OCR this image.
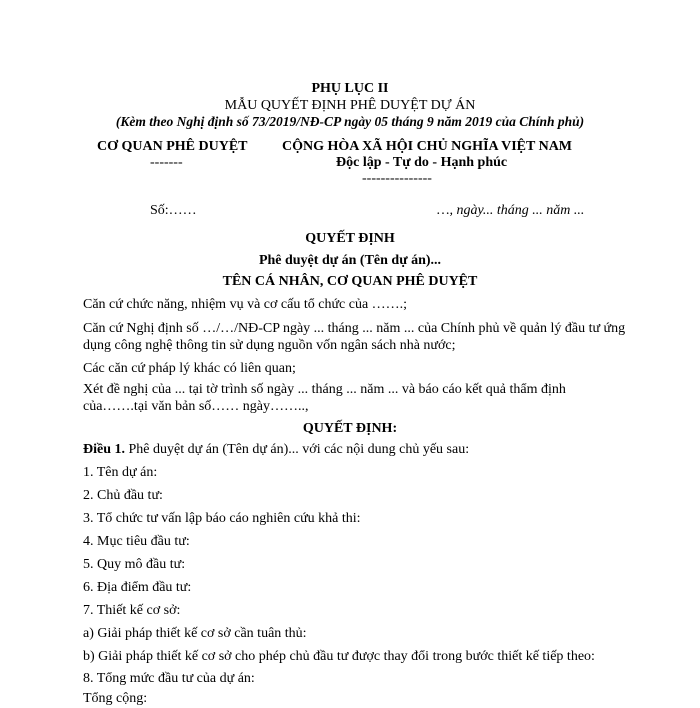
PHỤ LỤC II
MẪU QUYẾT ĐỊNH PHÊ DUYỆT DỰ ÁN
(Kèm theo Nghị định số 73/2019/NĐ-CP ngày 05 tháng 9 năm 2019 của Chính phủ)
CƠ QUAN PHÊ DUYỆT
-------
CỘNG HÒA XÃ HỘI CHỦ NGHĨA VIỆT NAM
Độc lập - Tự do - Hạnh phúc
---------------
Số:……	…, ngày... tháng ... năm ...
QUYẾT ĐỊNH
Phê duyệt dự án (Tên dự án)...
TÊN CÁ NHÂN, CƠ QUAN PHÊ DUYỆT
Căn cứ chức năng, nhiệm vụ và cơ cấu tổ chức của …….;
Căn cứ Nghị định số …/…/NĐ-CP ngày ... tháng ... năm ... của Chính phủ về quản lý đầu tư ứng
dụng công nghệ thông tin sử dụng nguồn vốn ngân sách nhà nước;
Các căn cứ pháp lý khác có liên quan;
Xét đề nghị của ... tại tờ trình số ngày ... tháng ... năm ... và báo cáo kết quả thẩm định
của…….tại văn bản số…… ngày……..,
QUYẾT ĐỊNH:
Điều 1. Phê duyệt dự án (Tên dự án)... với các nội dung chủ yếu sau:
1. Tên dự án:
2. Chủ đầu tư:
3. Tổ chức tư vấn lập báo cáo nghiên cứu khả thi:
4. Mục tiêu đầu tư:
5. Quy mô đầu tư:
6. Địa điểm đầu tư:
7. Thiết kế cơ sở:
a) Giải pháp thiết kế cơ sở cần tuân thủ:
b) Giải pháp thiết kế cơ sở cho phép chủ đầu tư được thay đổi trong bước thiết kế tiếp theo:
8. Tổng mức đầu tư của dự án:
Tổng cộng:
